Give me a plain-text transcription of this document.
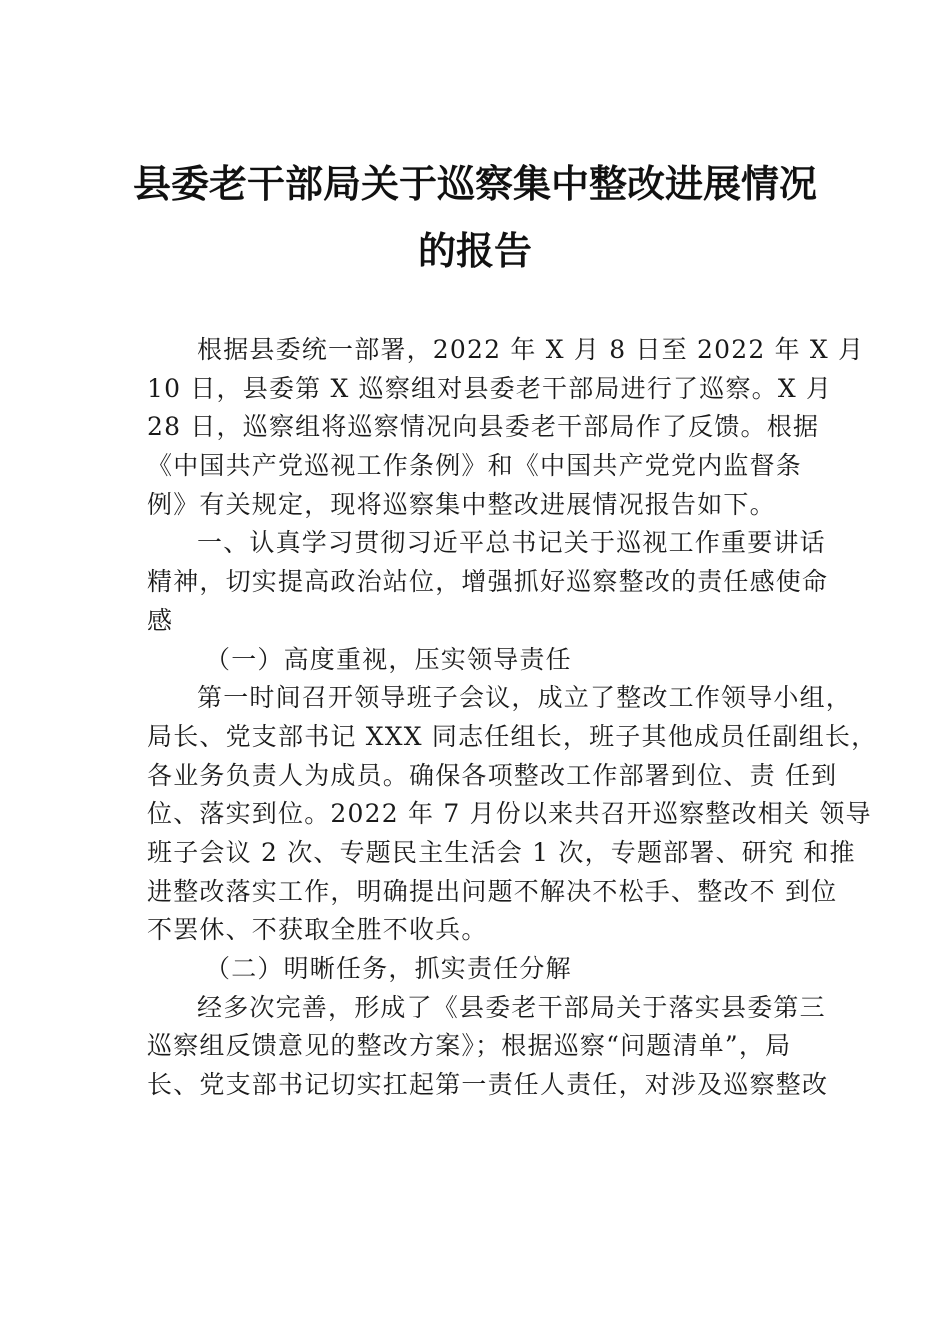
县委老干部局关于巡察集中整改进展情况
的报告
根据县委统一部署，2022 年 X 月 8 日至 2022 年 X 月
10 日，县委第 X 巡察组对县委老干部局进行了巡察。X 月
28 日，巡察组将巡察情况向县委老干部局作了反馈。根据
《中国共产党巡视工作条例》和《中国共产党党内监督条
例》有关规定，现将巡察集中整改进展情况报告如下。
一、认真学习贯彻习近平总书记关于巡视工作重要讲话
精神，切实提高政治站位，增强抓好巡察整改的责任感使命
感
（一）高度重视，压实领导责任
第一时间召开领导班子会议，成立了整改工作领导小组，
局长、党支部书记 XXX 同志任组长，班子其他成员任副组长，
各业务负责人为成员。确保各项整改工作部署到位、责 任到
位、落实到位。2022 年 7 月份以来共召开巡察整改相关 领导
班子会议 2 次、专题民主生活会 1 次，专题部署、研究 和推
进整改落实工作，明确提出问题不解决不松手、整改不 到位
不罢休、不获取全胜不收兵。
（二）明晰任务，抓实责任分解
经多次完善，形成了《县委老干部局关于落实县委第三
巡察组反馈意见的整改方案》；根据巡察“问题清单”，局
长、党支部书记切实扛起第一责任人责任，对涉及巡察整改
